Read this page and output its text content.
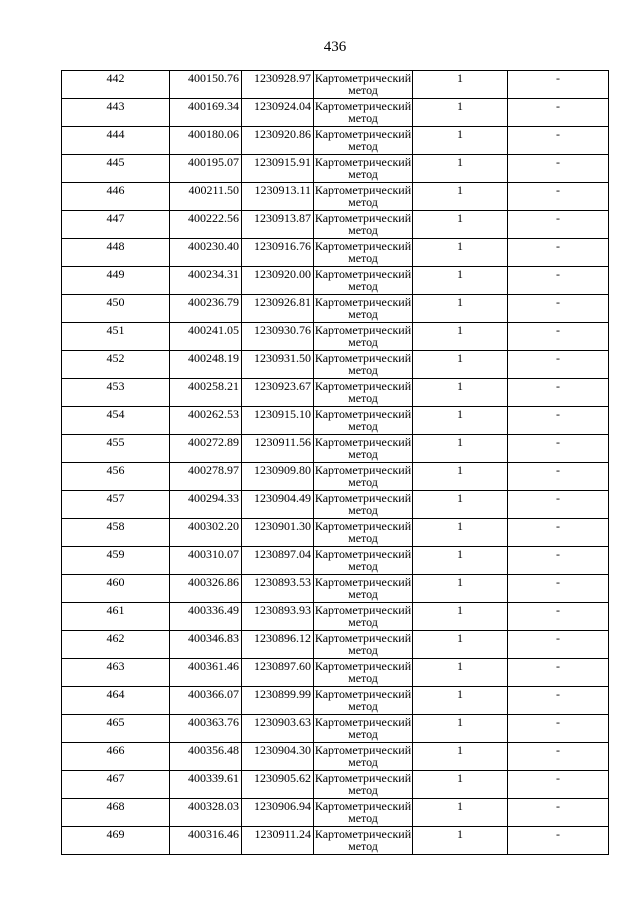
436
442	400150.76	1230928.97	Картометрический метод	1	-
443	400169.34	1230924.04	Картометрический метод	1	-
444	400180.06	1230920.86	Картометрический метод	1	-
445	400195.07	1230915.91	Картометрический метод	1	-
446	400211.50	1230913.11	Картометрический метод	1	-
447	400222.56	1230913.87	Картометрический метод	1	-
448	400230.40	1230916.76	Картометрический метод	1	-
449	400234.31	1230920.00	Картометрический метод	1	-
450	400236.79	1230926.81	Картометрический метод	1	-
451	400241.05	1230930.76	Картометрический метод	1	-
452	400248.19	1230931.50	Картометрический метод	1	-
453	400258.21	1230923.67	Картометрический метод	1	-
454	400262.53	1230915.10	Картометрический метод	1	-
455	400272.89	1230911.56	Картометрический метод	1	-
456	400278.97	1230909.80	Картометрический метод	1	-
457	400294.33	1230904.49	Картометрический метод	1	-
458	400302.20	1230901.30	Картометрический метод	1	-
459	400310.07	1230897.04	Картометрический метод	1	-
460	400326.86	1230893.53	Картометрический метод	1	-
461	400336.49	1230893.93	Картометрический метод	1	-
462	400346.83	1230896.12	Картометрический метод	1	-
463	400361.46	1230897.60	Картометрический метод	1	-
464	400366.07	1230899.99	Картометрический метод	1	-
465	400363.76	1230903.63	Картометрический метод	1	-
466	400356.48	1230904.30	Картометрический метод	1	-
467	400339.61	1230905.62	Картометрический метод	1	-
468	400328.03	1230906.94	Картометрический метод	1	-
469	400316.46	1230911.24	Картометрический метод	1	-
